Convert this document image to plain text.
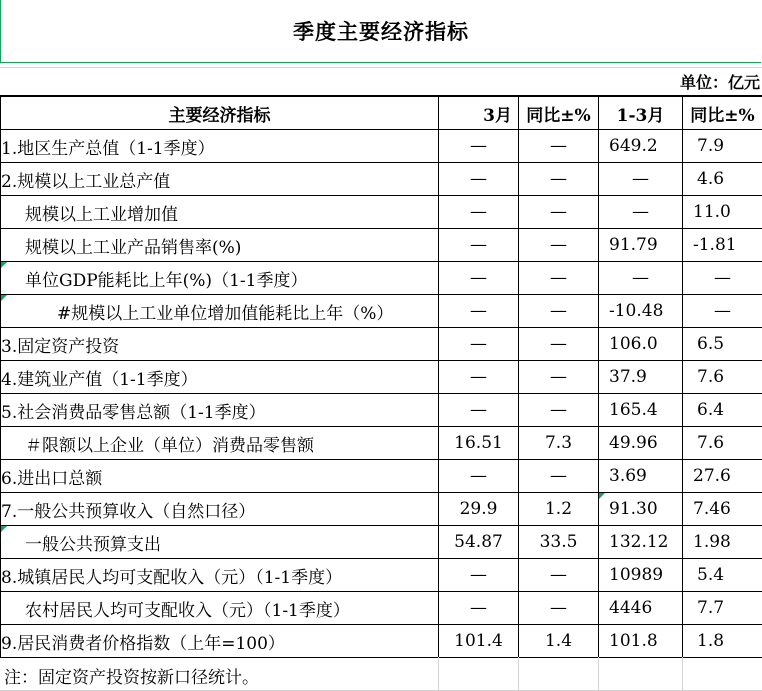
季度主要经济指标
单位：亿元
主要经济指标	3月	同比±%	1-3月	同比±%
1.地区生产总值（1-1季度）	—	—	649.2	7.9
2.规模以上工业总产值	—	—	—	4.6
规模以上工业增加值	—	—	—	11.0
规模以上工业产品销售率(%)	—	—	91.79	-1.81
单位GDP能耗比上年(%)（1-1季度）	—	—	—	—
#规模以上工业单位增加值能耗比上年（%）	—	—	-10.48	—
3.固定资产投资	—	—	106.0	6.5
4.建筑业产值（1-1季度）	—	—	37.9	7.6
5.社会消费品零售总额（1-1季度）	—	—	165.4	6.4
＃限额以上企业（单位）消费品零售额	16.51	7.3	49.96	7.6
6.进出口总额	—	—	3.69	27.6
7.一般公共预算收入（自然口径）	29.9	1.2	91.30	7.46
一般公共预算支出	54.87	33.5	132.12	1.98
8.城镇居民人均可支配收入（元）（1-1季度）	—	—	10989	5.4
农村居民人均可支配收入（元）（1-1季度）	—	—	4446	7.7
9.居民消费者价格指数（上年=100）	101.4	1.4	101.8	1.8
注：固定资产投资按新口径统计。
